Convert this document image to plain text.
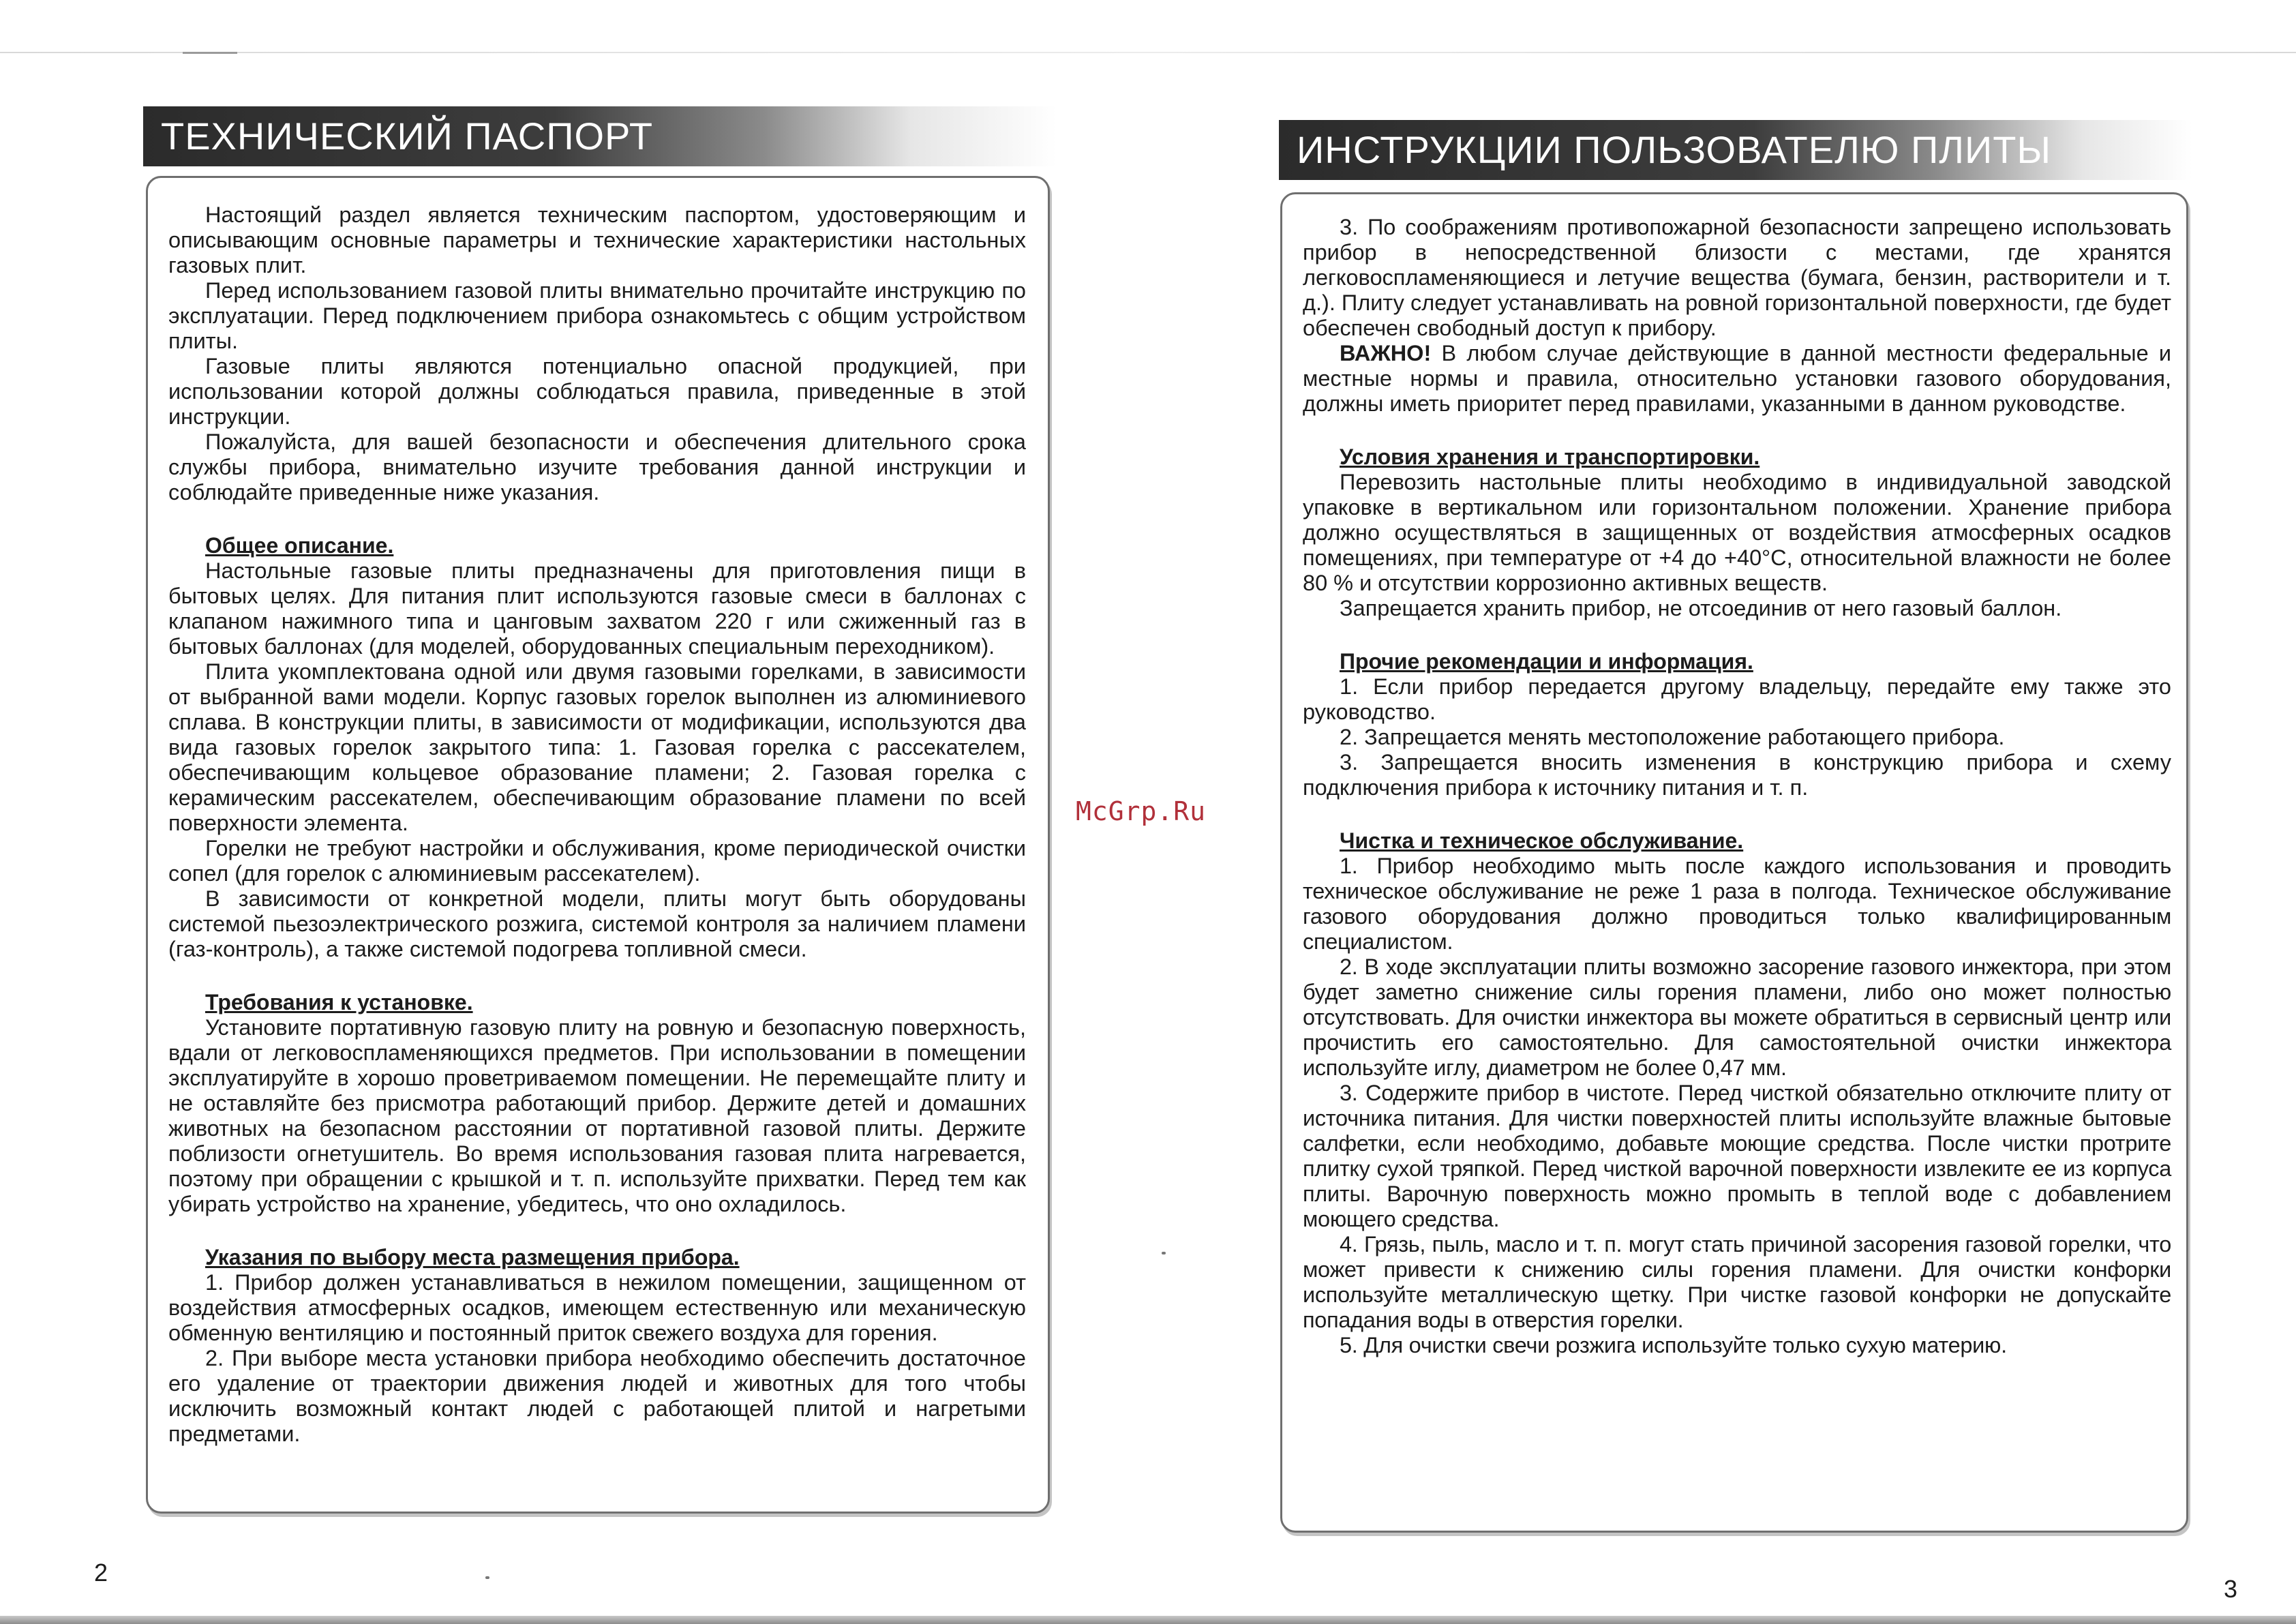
ТЕХНИЧЕСКИЙ ПАСПОРТ

Настоящий раздел является техническим паспортом, удостоверяющим и описывающим основные параметры и технические характеристики настольных газовых плит.

Перед использованием газовой плиты внимательно прочитайте инструкцию по эксплуатации. Перед подключением прибора ознакомьтесь с общим устройством плиты.

Газовые плиты являются потенциально опасной продукцией, при использовании которой должны соблюдаться правила, приведенные в этой инструкции.

Пожалуйста, для вашей безопасности и обеспечения длительного срока службы прибора, внимательно изучите требования данной инструкции и соблюдайте приведенные ниже указания.

Общее описание.

Настольные газовые плиты предназначены для приготовления пищи в бытовых целях. Для питания плит используются газовые смеси в баллонах с клапаном нажимного типа и цанговым захватом 220 г или сжиженный газ в бытовых баллонах (для моделей, оборудованных специальным переходником).

Плита укомплектована одной или двумя газовыми горелками, в зависимости от выбранной вами модели. Корпус газовых горелок выполнен из алюминиевого сплава. В конструкции плиты, в зависимости от модификации, используются два вида газовых горелок закрытого типа: 1. Газовая горелка с рассекателем, обеспечивающим кольцевое образование пламени; 2. Газовая горелка с керамическим рассекателем, обеспечивающим образование пламени по всей поверхности элемента.

Горелки не требуют настройки и обслуживания, кроме периодической очистки сопел (для горелок с алюминиевым рассекателем).

В зависимости от конкретной модели, плиты могут быть оборудованы системой пьезоэлектрического розжига, системой контроля за наличием пламени (газ-контроль), а также системой подогрева топливной смеси.

Требования к установке.

Установите портативную газовую плиту на ровную и безопасную поверхность, вдали от легковоспламеняющихся предметов. При использовании в помещении эксплуатируйте в хорошо проветриваемом помещении. Не перемещайте плиту и не оставляйте без присмотра работающий прибор. Держите детей и домашних животных на безопасном расстоянии от портативной газовой плиты. Держите поблизости огнетушитель. Во время использования газовая плита нагревается, поэтому при обращении с крышкой и т. п. используйте прихватки. Перед тем как убирать устройство на хранение, убедитесь, что оно охладилось.

Указания по выбору места размещения прибора.

1. Прибор должен устанавливаться в нежилом помещении, защищенном от воздействия атмосферных осадков, имеющем естественную или механическую обменную вентиляцию и постоянный приток свежего воздуха для горения.

2. При выборе места установки прибора необходимо обеспечить достаточное его удаление от траектории движения людей и животных для того чтобы исключить возможный контакт людей с работающей плитой и нагретыми предметами.

2
McGrp.Ru
ИНСТРУКЦИИ ПОЛЬЗОВАТЕЛЮ ПЛИТЫ

3. По соображениям противопожарной безопасности запрещено использовать прибор в непосредственной близости с местами, где хранятся легковоспламеняющиеся и летучие вещества (бумага, бензин, растворители и т. д.). Плиту следует устанавливать на ровной горизонтальной поверхности, где будет обеспечен свободный доступ к прибору.

ВАЖНО! В любом случае действующие в данной местности федеральные и местные нормы и правила, относительно установки газового оборудования, должны иметь приоритет перед правилами, указанными в данном руководстве.

Условия хранения и транспортировки.

Перевозить настольные плиты необходимо в индивидуальной заводской упаковке в вертикальном или горизонтальном положении. Хранение прибора должно осуществляться в защищенных от воздействия атмосферных осадков помещениях, при температуре от +4 до +40°С, относительной влажности не более 80 % и отсутствии коррозионно активных веществ.

Запрещается хранить прибор, не отсоединив от него газовый баллон.

Прочие рекомендации и информация.

1. Если прибор передается другому владельцу, передайте ему также это руководство.

2. Запрещается менять местоположение работающего прибора.

3. Запрещается вносить изменения в конструкцию прибора и схему подключения прибора к источнику питания и т. п.

Чистка и техническое обслуживание.

1. Прибор необходимо мыть после каждого использования и проводить техническое обслуживание не реже 1 раза в полгода. Техническое обслуживание газового оборудования должно проводиться только квалифицированным специалистом.

2. В ходе эксплуатации плиты возможно засорение газового инжектора, при этом будет заметно снижение силы горения пламени, либо оно может полностью отсутствовать. Для очистки инжектора вы можете обратиться в сервисный центр или прочистить его самостоятельно. Для самостоятельной очистки инжектора используйте иглу, диаметром не более 0,47 мм.

3. Содержите прибор в чистоте. Перед чисткой обязательно отключите плиту от источника питания. Для чистки поверхностей плиты используйте влажные бытовые салфетки, если необходимо, добавьте моющие средства. После чистки протрите плитку сухой тряпкой. Перед чисткой варочной поверхности извлеките ее из корпуса плиты. Варочную поверхность можно промыть в теплой воде с добавлением моющего средства.

4. Грязь, пыль, масло и т. п. могут стать причиной засорения газовой горелки, что может привести к снижению силы горения пламени. Для очистки конфорки используйте металлическую щетку. При чистке газовой конфорки не допускайте попадания воды в отверстия горелки.

5. Для очистки свечи розжига используйте только сухую материю.

3
